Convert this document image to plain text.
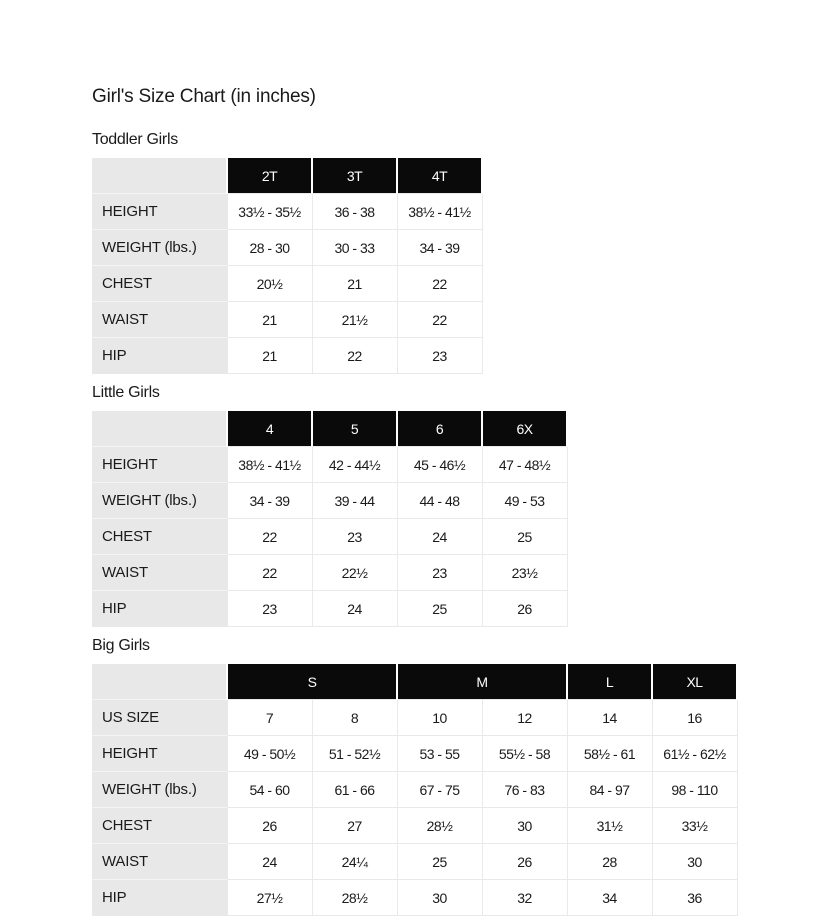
Girl's Size Chart (in inches)
Toddler Girls
	2T	3T	4T
HEIGHT	33½ - 35½	36 - 38	38½ - 41½
WEIGHT (lbs.)	28 - 30	30 - 33	34 - 39
CHEST	20½	21	22
WAIST	21	21½	22
HIP	21	22	23
Little Girls
	4	5	6	6X
HEIGHT	38½ - 41½	42 - 44½	45 - 46½	47 - 48½
WEIGHT (lbs.)	34 - 39	39 - 44	44 - 48	49 - 53
CHEST	22	23	24	25
WAIST	22	22½	23	23½
HIP	23	24	25	26
Big Girls
	S		M		L	XL
US SIZE	7	8	10	12	14	16
HEIGHT	49 - 50½	51 - 52½	53 - 55	55½ - 58	58½ - 61	61½ - 62½
WEIGHT (lbs.)	54 - 60	61 - 66	67 - 75	76 - 83	84 - 97	98 - 110
CHEST	26	27	28½	30	31½	33½
WAIST	24	24¼	25	26	28	30
HIP	27½	28½	30	32	34	36
